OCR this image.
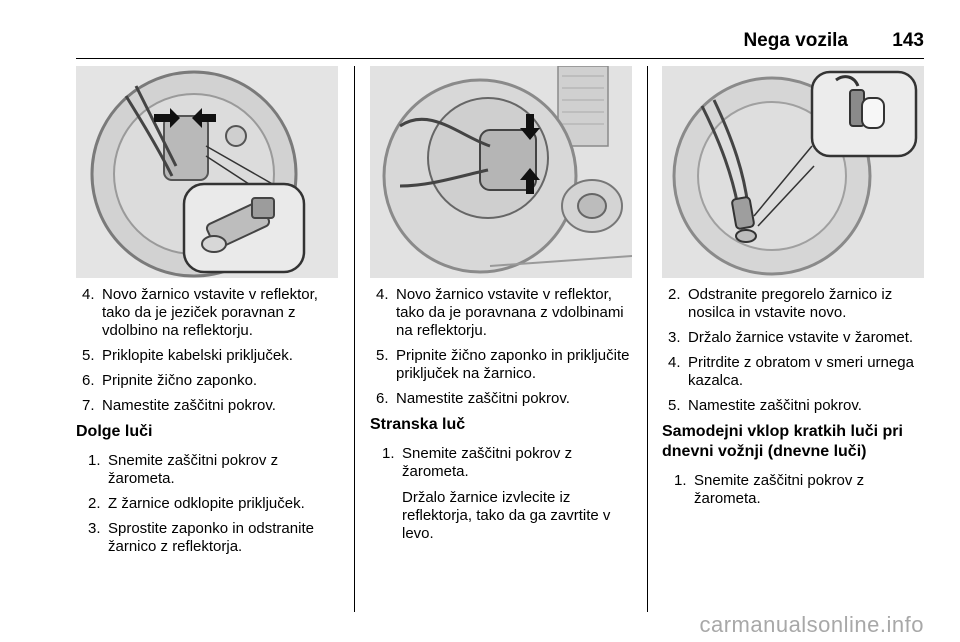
Nega vozila 143
4. Novo žarnico vstavite v reflektor, tako da je jeziček poravnan z vdolbino na reflektorju.
5. Priklopite kabelski priključek.
6. Pripnite žično zaponko.
7. Namestite zaščitni pokrov.
Dolge luči
1. Snemite zaščitni pokrov z žarometa.
2. Z žarnice odklopite priključek.
3. Sprostite zaponko in odstranite žarnico z reflektorja.
4. Novo žarnico vstavite v reflektor, tako da je poravnana z vdolbinami na reflektorju.
5. Pripnite žično zaponko in priključite priključek na žarnico.
6. Namestite zaščitni pokrov.
Stranska luč
1. Snemite zaščitni pokrov z žarometa.

Držalo žarnice izvlecite iz reflektorja, tako da ga zavrtite v levo.

2. Odstranite pregorelo žarnico iz nosilca in vstavite novo.
3. Držalo žarnice vstavite v žaromet.
4. Pritrdite z obratom v smeri urnega kazalca.
5. Namestite zaščitni pokrov.
Samodejni vklop kratkih luči pri dnevni vožnji (dnevne luči)
1. Snemite zaščitni pokrov z žarometa.
carmanualsonline.info
